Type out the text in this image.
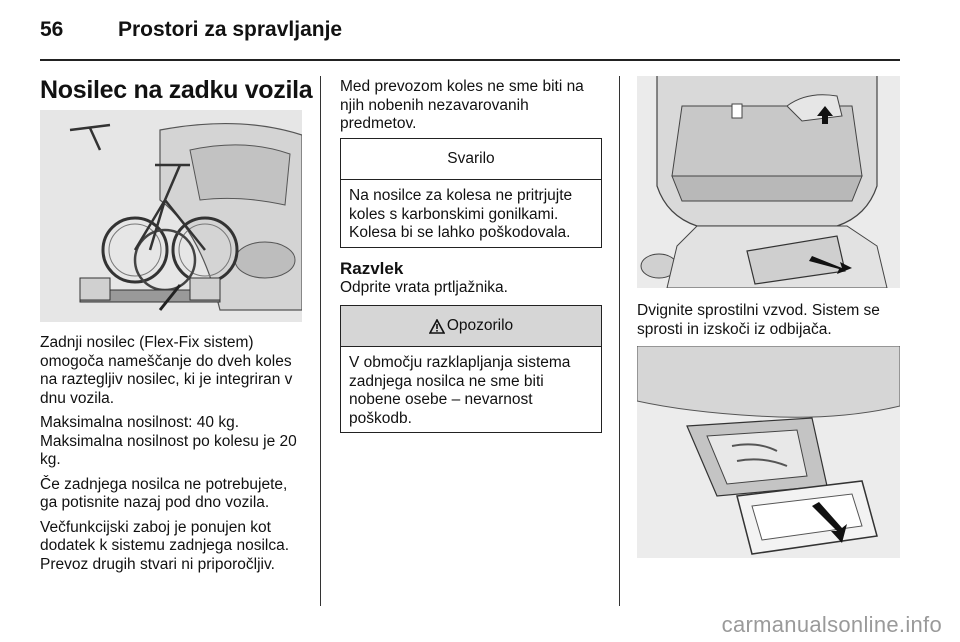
56	Prostori za spravljanje
Nosilec na zadku vozila

Zadnji nosilec (Flex-Fix sistem) omogoča nameščanje do dveh koles na raztegljiv nosilec, ki je integriran v dnu vozila.

Maksimalna nosilnost: 40 kg. Maksimalna nosilnost po kolesu je 20 kg.

Če zadnjega nosilca ne potrebujete, ga potisnite nazaj pod dno vozila.

Večfunkcijski zaboj je ponujen kot dodatek k sistemu zadnjega nosilca. Prevoz drugih stvari ni priporočljiv.

Med prevozom koles ne sme biti na njih nobenih nezavarovanih predmetov.

Svarilo
Na nosilce za kolesa ne pritrjujte koles s karbonskimi gonilkami. Kolesa bi se lahko poškodovala.
Razvlek
Odprite vrata prtljažnika.
Opozorilo
V območju razklapljanja sistema zadnjega nosilca ne sme biti nobene osebe – nevarnost poškodb.

Dvignite sprostilni vzvod. Sistem se sprosti in izskoči iz odbijača.

carmanualsonline.info
